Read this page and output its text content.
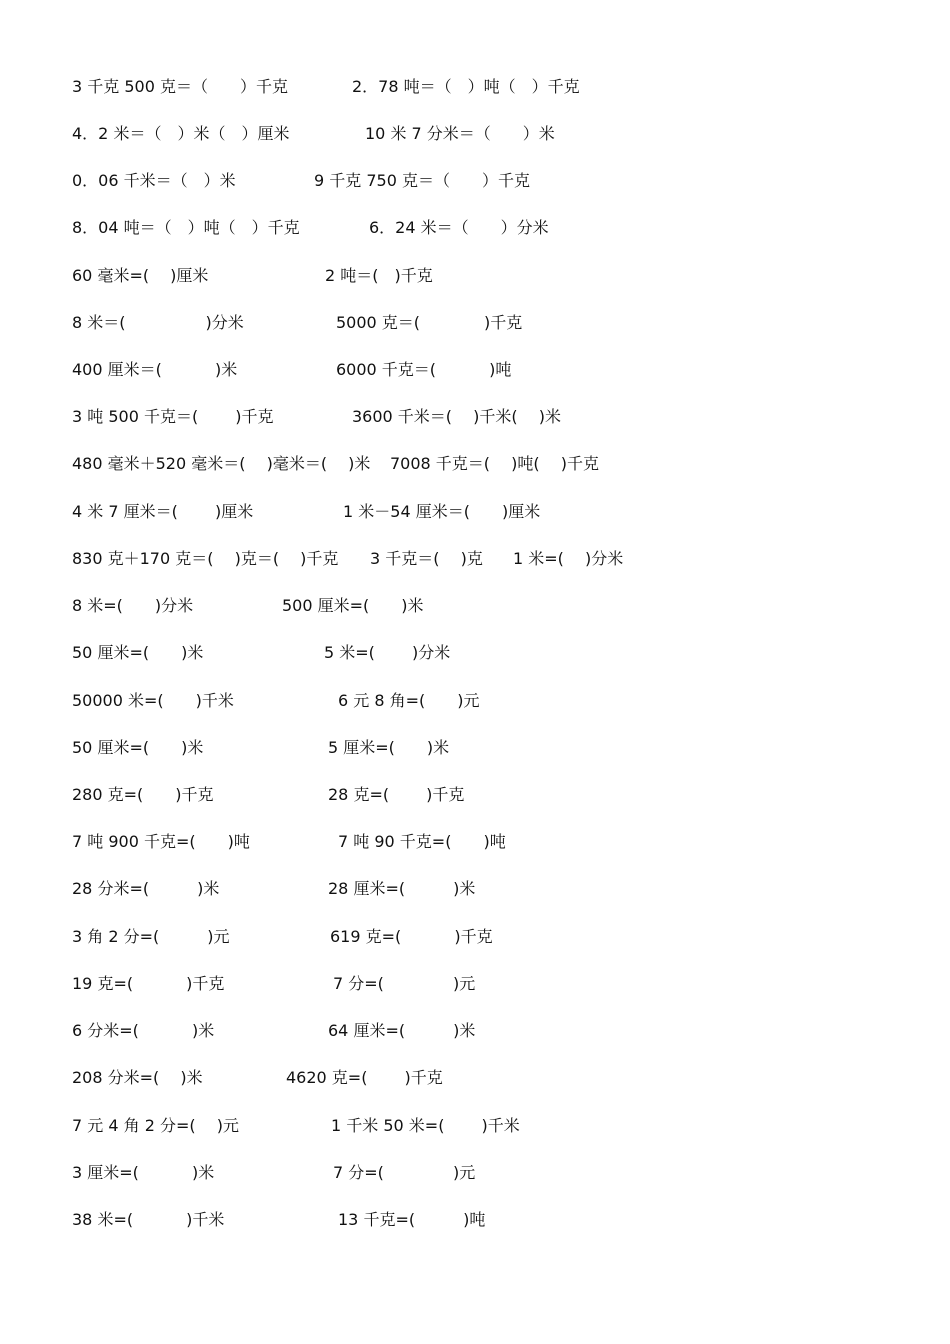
3 千克 500 克＝（　　）千克	2．78 吨＝（　）吨（　）千克
4．2 米＝（　）米（　）厘米	10 米 7 分米＝（　　）米
0．06 千米＝（　）米	9 千克 750 克＝（　　）千克
8．04 吨＝（　）吨（　）千克	6．24 米＝（　　）分米
60 毫米=(　 )厘米	2 吨＝(　)千克
8 米＝(　　　　　)分米	5000 克＝(　　　　)千克
400 厘米＝(　　　 )米	6000 千克＝(　　　 )吨
3 吨 500 千克＝(　　 )千克	3600 千米＝(　 )千米(　 )米
480 毫米＋520 毫米＝(　 )毫米＝(　 )米 7008 千克＝(　 )吨(　 )千克
4 米 7 厘米＝(　　 )厘米	1 米－54 厘米＝(　　)厘米
830 克＋170 克＝(　 )克＝(　 )千克 3 千克＝(　 )克 1 米=(　 )分米
8 米=(　　)分米	500 厘米=(　　)米
50 厘米=(　　)米	5 米=(　　 )分米
50000 米=(　　)千米	6 元 8 角=(　　)元
50 厘米=(　　)米	5 厘米=(　　)米
280 克=(　　)千克	28 克=(　　 )千克
7 吨 900 千克=(　　)吨	7 吨 90 千克=(　　)吨
28 分米=(　　　)米	28 厘米=(　　　)米
3 角 2 分=(　　　)元	619 克=(　　　 )千克
19 克=(　　　 )千克	7 分=(　　　 　)元
6 分米=(　　　 )米	64 厘米=(　　　)米
208 分米=(　 )米	4620 克=(　　 )千克
7 元 4 角 2 分=(　 )元	1 千米 50 米=(　　 )千米
3 厘米=(　　　 )米	7 分=(　　　 　)元
38 米=(　　　 )千米	13 千克=(　　　)吨
